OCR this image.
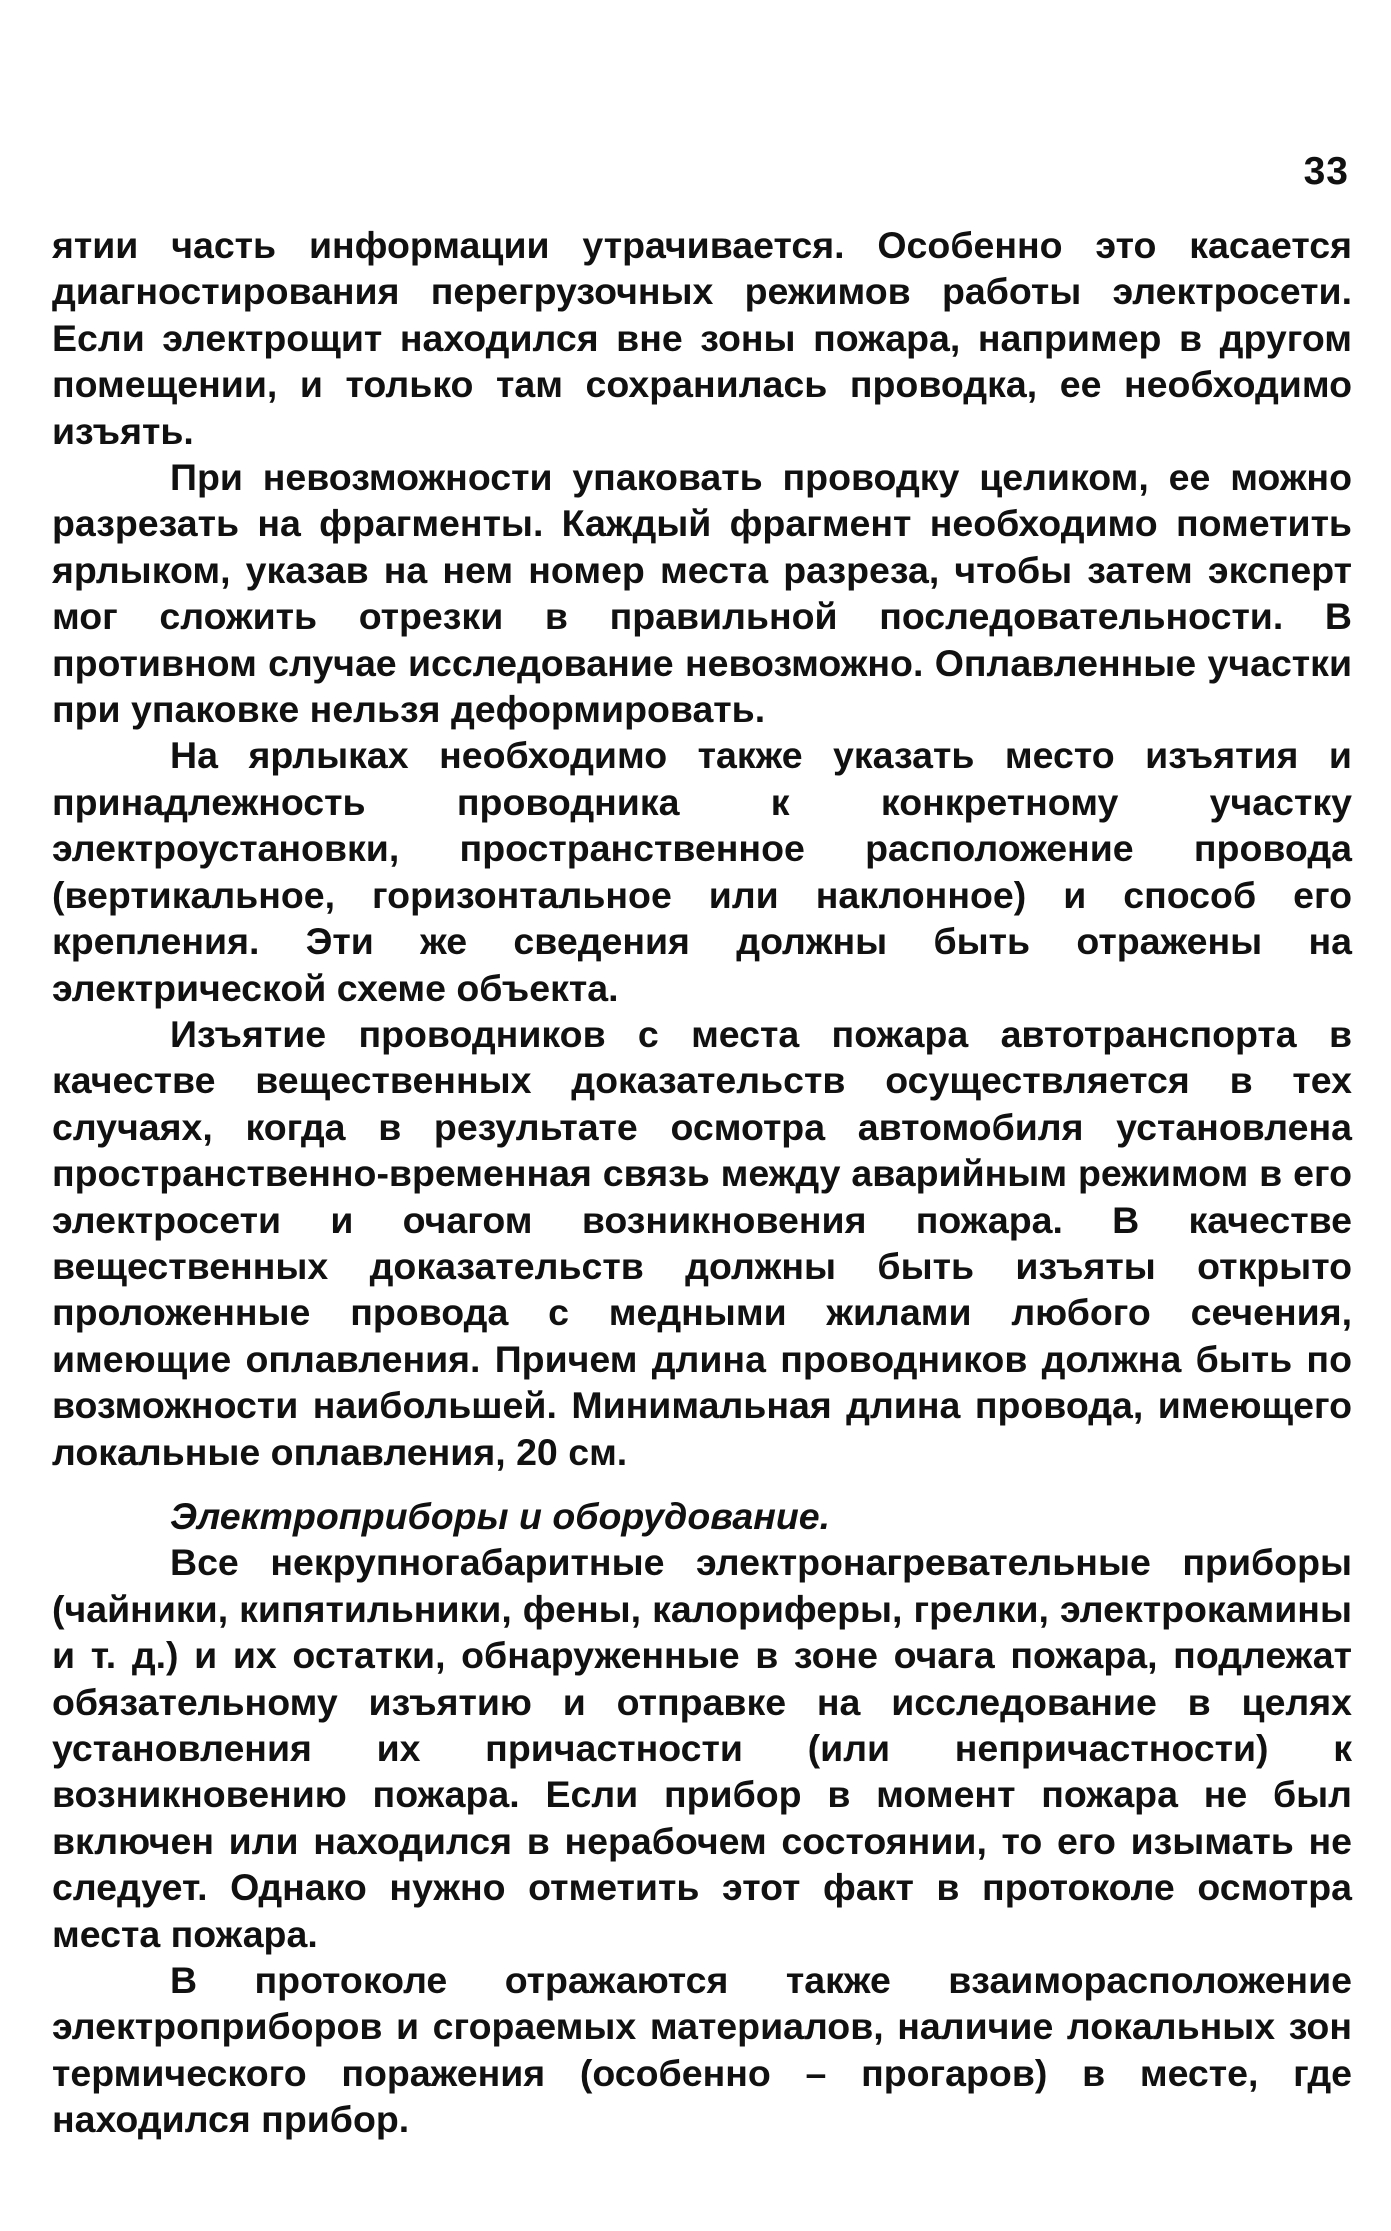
33

ятии часть информации утрачивается. Особенно это касается диагностирования перегрузочных режимов работы электросети. Если электрощит находился вне зоны пожара, например в другом помещении, и только там сохранилась проводка, ее необходимо изъять.

При невозможности упаковать проводку целиком, ее можно разрезать на фрагменты. Каждый фрагмент необходимо пометить ярлыком, указав на нем номер места разреза, чтобы затем эксперт мог сложить отрезки в правильной последовательности. В противном случае исследование невозможно. Оплавленные участки при упаковке нельзя деформировать.

На ярлыках необходимо также указать место изъятия и принадлежность проводника к конкретному участку электроустановки, пространственное расположение провода (вертикальное, горизонтальное или наклонное) и способ его крепления. Эти же сведения должны быть отражены на электрической схеме объекта.

Изъятие проводников с места пожара автотранспорта в качестве вещественных доказательств осуществляется в тех случаях, когда в результате осмотра автомобиля установлена пространственно-временная связь между аварийным режимом в его электросети и очагом возникновения пожара. В качестве вещественных доказательств должны быть изъяты открыто проложенные провода с медными жилами любого сечения, имеющие оплавления. Причем длина проводников должна быть по возможности наибольшей. Минимальная длина провода, имеющего локальные оплавления, 20 см.

Электроприборы и оборудование.

Все некрупногабаритные электронагревательные приборы (чайники, кипятильники, фены, калориферы, грелки, электрокамины и т. д.) и их остатки, обнаруженные в зоне очага пожара, подлежат обязательному изъятию и отправке на исследование в целях установления их причастности (или непричастности) к возникновению пожара. Если прибор в момент пожара не был включен или находился в нерабочем состоянии, то его изымать не следует. Однако нужно отметить этот факт в протоколе осмотра места пожара.

В протоколе отражаются также взаиморасположение электроприборов и сгораемых материалов, наличие локальных зон термического поражения (особенно – прогаров) в месте, где находился прибор.
